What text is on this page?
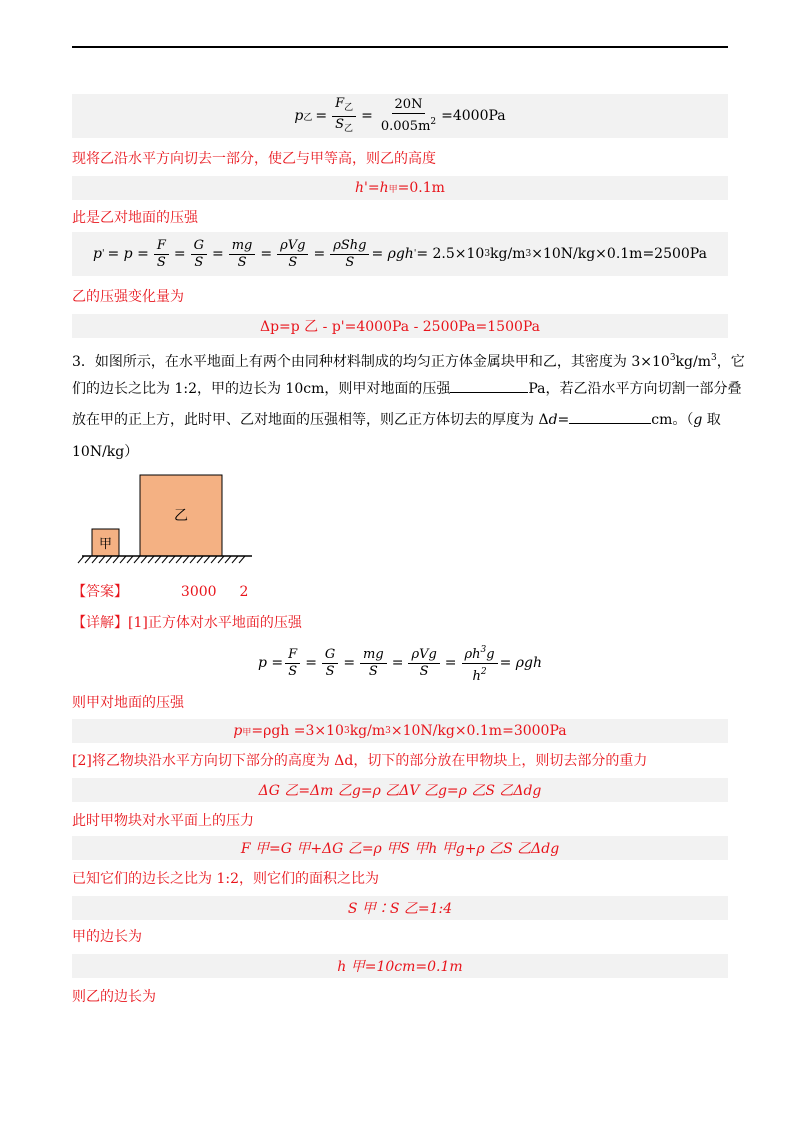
p 乙 = $\frac{F_乙}{S_乙} = \frac{20N}{0.005m^2} =4000Pa$
现将乙沿水平方向切去一部分，使乙与甲等高，则乙的高度
h'=h 甲 =0.1m
此是乙对地面的压强
p ' = $p = \frac{F}{S} = \frac{G}{S} = \frac{mg}{S} = \frac{\text{ρVg}}{S} = \frac{\text{ρShg}}{S} = \rho gh$ ' = 2.5×10 3 kg/m 3 ×10N/kg×0.1m=2500Pa
乙的压强变化量为
Δp=p 乙 - p'=4000Pa - 2500Pa=1500Pa
3．如图所示，在水平地面上有两个由同种材料制成的均匀正方体金属块甲和乙，其密度为 $3\times 10^3kg/m^3$，它
们的边长之比为 1:2，甲的边长为 10cm，则甲对地面的压强	Pa，若乙沿水平方向切割一部分叠
放在甲的正上方，此时甲、乙对地面的压强相等，则乙正方体切去的厚度为 Δd=	cm。（g 取
10N/kg）
甲
乙
【答案】	3000 2
【详解】[1]正方体对水平地面的压强
$p = \frac{F}{S} = \frac{G}{S} = \frac{mg}{S} = \frac{\text{ρVg}}{S} = \frac{\rho h^3g}{h^2} = \rho gh$
则甲对地面的压强
p 甲 =ρgh =3×10 3 kg/m 3 ×10N/kg×0.1m=3000Pa
[2]将乙物块沿水平方向切下部分的高度为 Δd，切下的部分放在甲物块上，则切去部分的重力
ΔG 乙=Δm 乙g=ρ 乙ΔV 乙g=ρ 乙S 乙Δdg
此时甲物块对水平面上的压力
F 甲=G 甲+ΔG 乙=ρ 甲S 甲h 甲g+ρ 乙S 乙Δdg
已知它们的边长之比为 1:2，则它们的面积之比为
S 甲∶S 乙=1:4
甲的边长为
h 甲=10cm=0.1m
则乙的边长为
